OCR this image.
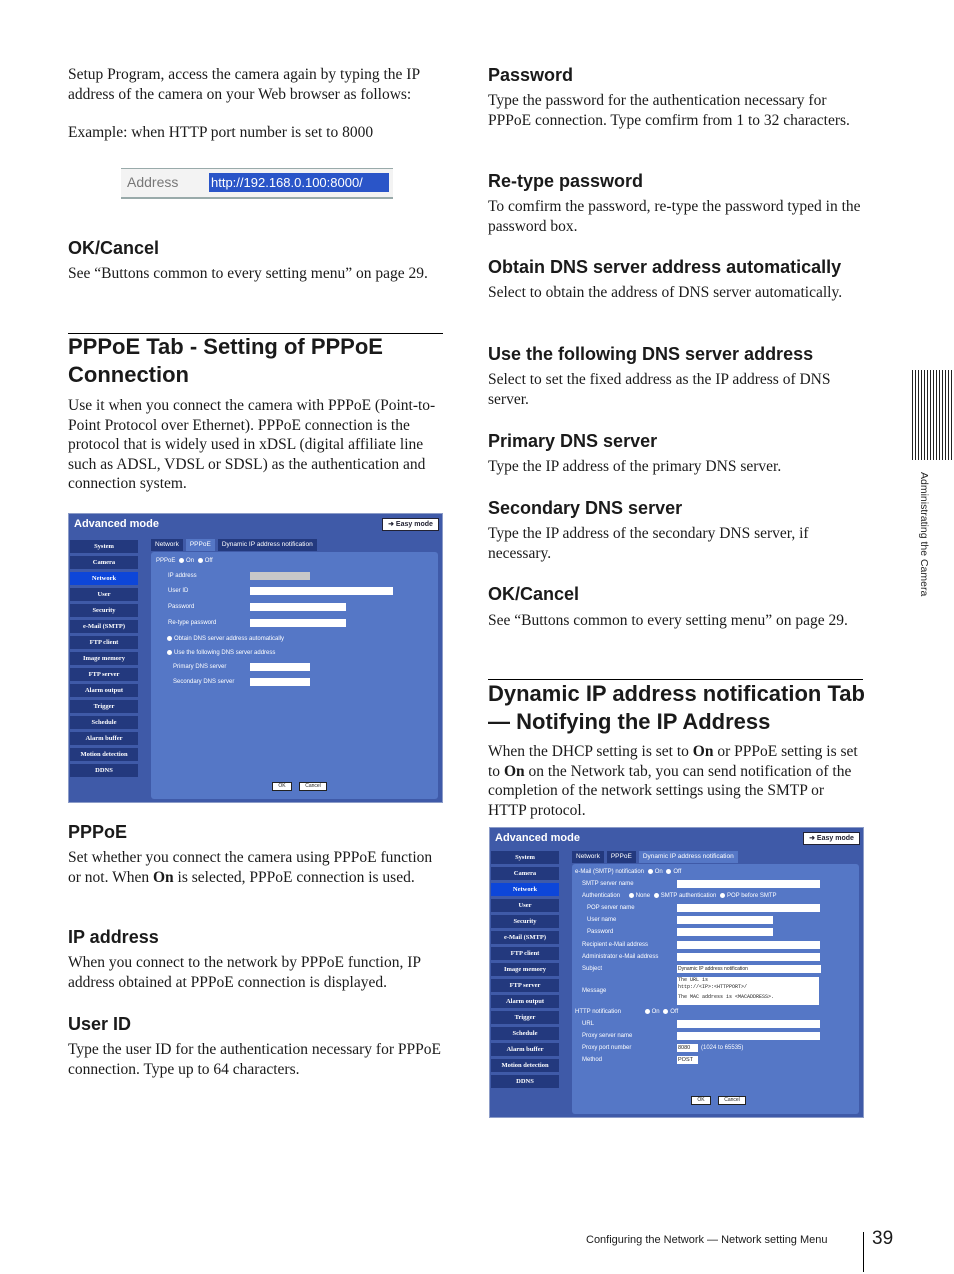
Setup Program, access the camera again by typing the IP address of the camera on your Web browser as follows:

Example: when HTTP port number is set to 8000

Address	http://192.168.0.100:8000/
OK/Cancel

See “Buttons common to every setting menu” on page 29.

PPPoE Tab - Setting of PPPoE Connection

Use it when you connect the camera with PPPoE (Point-to-Point Protocol over Ethernet). PPPoE connection is the protocol that is widely used in xDSL (digital affiliate line such as ADSL, VDSL or SDSL) as the authentication and connection system.

Advanced mode	➜ Easy mode
System
Camera
Network
User
Security
e-Mail (SMTP)
FTP client
Image memory
FTP server
Alarm output
Trigger
Schedule
Alarm buffer
Motion detection
DDNS
Network	PPPoE	Dynamic IP address notification
PPPoE On Off
IP address
User ID
Password
Re-type password
Obtain DNS server address automatically
Use the following DNS server address
Primary DNS server
Secondary DNS server
OK	Cancel
PPPoE

Set whether you connect the camera using PPPoE function or not. When On is selected, PPPoE connection is used.

IP address

When you connect to the network by PPPoE function, IP address obtained at PPPoE connection is displayed.

User ID

Type the user ID for the authentication necessary for PPPoE connection. Type up to 64 characters.

Password

Type the password for the authentication necessary for PPPoE connection. Type comfirm from 1 to 32 characters.

Re-type password

To comfirm the password, re-type the password typed in the password box.

Obtain DNS server address automatically

Select to obtain the address of DNS server automatically.

Use the following DNS server address

Select to set the fixed address as the IP address of DNS server.

Primary DNS server

Type the IP address of the primary DNS server.

Secondary DNS server

Type the IP address of the secondary DNS server, if necessary.

OK/Cancel

See “Buttons common to every setting menu” on page 29.

Dynamic IP address notification Tab — Notifying the IP Address

When the DHCP setting is set to On or PPPoE setting is set to On on the Network tab, you can send notification of the completion of the network settings using the SMTP or HTTP protocol.

Advanced mode	➜ Easy mode
System
Camera
Network
User
Security
e-Mail (SMTP)
FTP client
Image memory
FTP server
Alarm output
Trigger
Schedule
Alarm buffer
Motion detection
DDNS
Network	PPPoE	Dynamic IP address notification
e-Mail (SMTP) notification On Off
SMTP server name
Authentication	None SMTP authentication POP before SMTP
POP server name
User name
Password
Recipient e-Mail address
Administrator e-Mail address
Subject	Dynamic IP address notification
Message
The URL is
http://<IP>:<HTTPPORT>/
The MAC address is <MACADDRESS>.
HTTP notification	On Off
URL
Proxy server name
Proxy port number	8080	(1024 to 65535)
Method	POST
OK	Cancel
Administrating the Camera
Configuring the Network — Network setting Menu 39
